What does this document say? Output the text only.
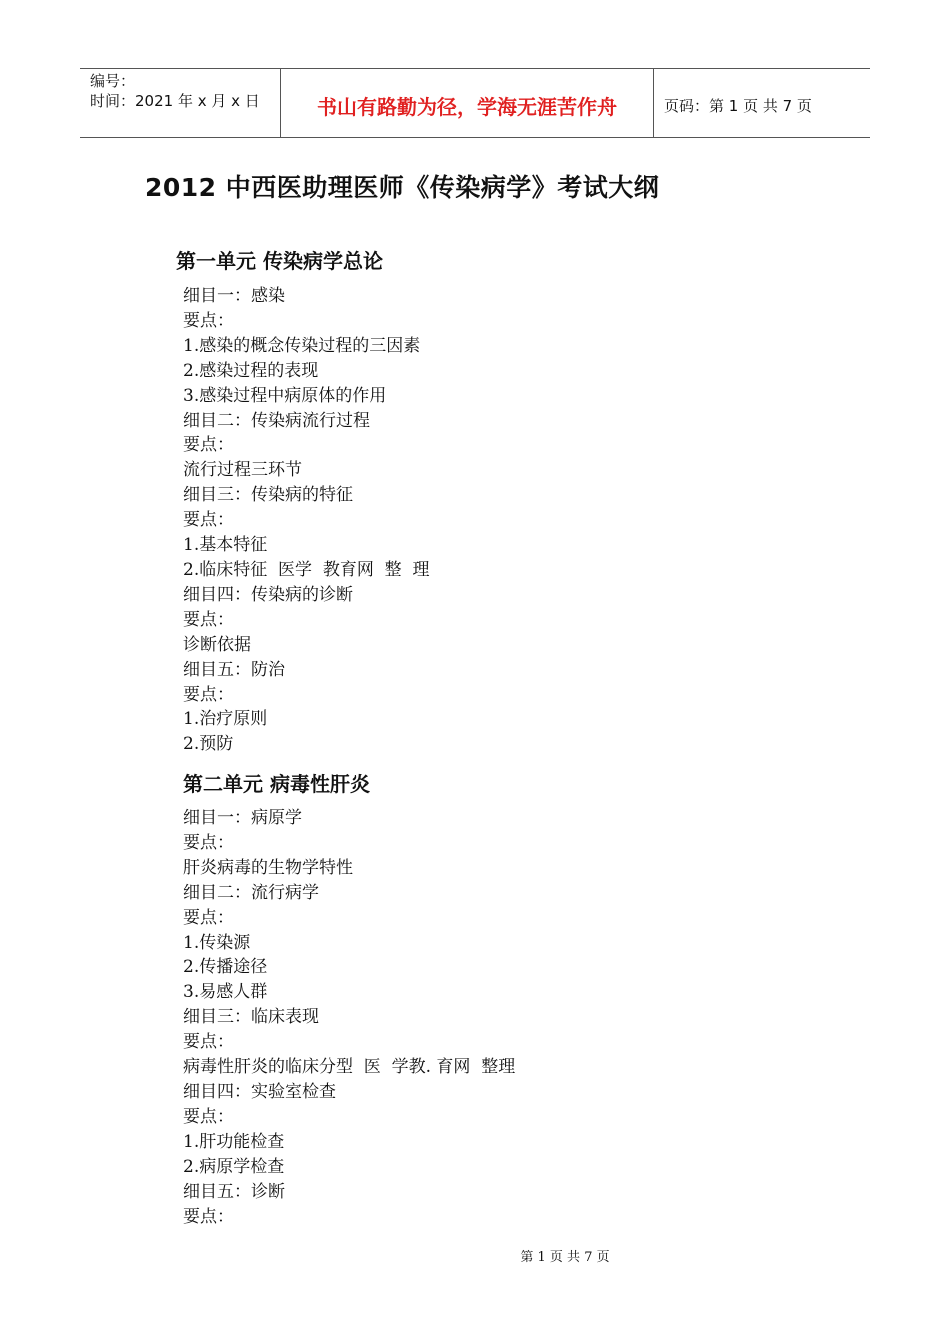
编号：
时间：2021 年 x 月 x 日	书山有路勤为径，学海无涯苦作舟	页码：第 1 页 共 7 页
2012 中西医助理医师《传染病学》考试大纲
第一单元 传染病学总论
细目一：感染
要点：
1.感染的概念传染过程的三因素
2.感染过程的表现
3.感染过程中病原体的作用
细目二：传染病流行过程
要点：
流行过程三环节
细目三：传染病的特征
要点：
1.基本特征
2.临床特征  医学  教育网  整  理
细目四：传染病的诊断
要点：
诊断依据
细目五：防治
要点：
1.治疗原则
2.预防
第二单元 病毒性肝炎
细目一：病原学
要点：
肝炎病毒的生物学特性
细目二：流行病学
要点：
1.传染源
2.传播途径
3.易感人群
细目三：临床表现
要点：
病毒性肝炎的临床分型  医  学教. 育网  整理
细目四：实验室检查
要点：
1.肝功能检查
2.病原学检查
细目五：诊断
要点：
第 1 页 共 7 页
